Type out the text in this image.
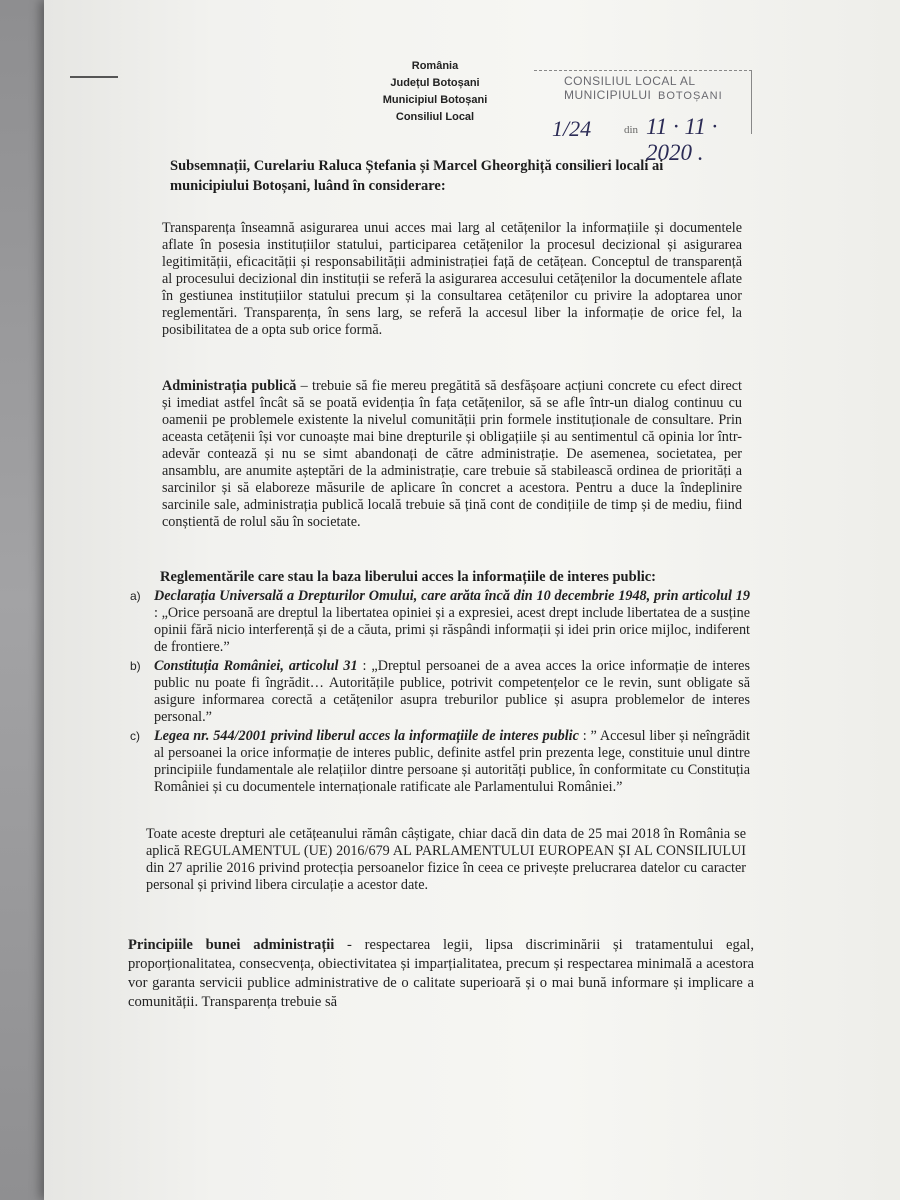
România
Județul Botoșani
Municipiul Botoșani
Consiliul Local
CONSILIUL LOCAL AL MUNICIPIULUI BOTOȘANI
1/24	din 11 · 11 · 2020 .
Subsemnații, Curelariu Raluca Ștefania și Marcel Gheorghiță consilieri locali ai municipiului Botoșani, luând în considerare:
Transparența înseamnă asigurarea unui acces mai larg al cetățenilor la informațiile și documentele aflate în posesia instituțiilor statului, participarea cetățenilor la procesul decizional și asigurarea legitimității, eficacității și responsabilității administrației față de cetățean. Conceptul de transparență al procesului decizional din instituții se referă la asigurarea accesului cetățenilor la documentele aflate în gestiunea instituțiilor statului precum și la consultarea cetățenilor cu privire la adoptarea unor reglementări. Transparența, în sens larg, se referă la accesul liber la informație de orice fel, la posibilitatea de a opta sub orice formă.
Administrația publică – trebuie să fie mereu pregătită să desfășoare acțiuni concrete cu efect direct și imediat astfel încât să se poată evidenția în fața cetățenilor, să se afle într-un dialog continuu cu oamenii pe problemele existente la nivelul comunității prin formele instituționale de consultare. Prin aceasta cetățenii își vor cunoaște mai bine drepturile și obligațiile și au sentimentul că opinia lor într-adevăr contează și nu se simt abandonați de către administrație. De asemenea, societatea, per ansamblu, are anumite așteptări de la administrație, care trebuie să stabilească ordinea de priorități a sarcinilor și să elaboreze măsurile de aplicare în concret a acestora. Pentru a duce la îndeplinire sarcinile sale, administrația publică locală trebuie să țină cont de condițiile de timp și de mediu, fiind conștientă de rolul său în societate.
Reglementările care stau la baza liberului acces la informațiile de interes public:
a) Declarația Universală a Drepturilor Omului, care arăta încă din 10 decembrie 1948, prin articolul 19 : „Orice persoană are dreptul la libertatea opiniei și a expresiei, acest drept include libertatea de a susține opinii fără nicio interferență și de a căuta, primi și răspândi informații și idei prin orice mijloc, indiferent de frontiere.”
b) Constituția României, articolul 31 : „Dreptul persoanei de a avea acces la orice informație de interes public nu poate fi îngrădit… Autoritățile publice, potrivit competențelor ce le revin, sunt obligate să asigure informarea corectă a cetățenilor asupra treburilor publice și asupra problemelor de interes personal.”
c) Legea nr. 544/2001 privind liberul acces la informațiile de interes public : ” Accesul liber și neîngrădit al persoanei la orice informație de interes public, definite astfel prin prezenta lege, constituie unul dintre principiile fundamentale ale relațiilor dintre persoane și autorități publice, în conformitate cu Constituția României și cu documentele internaționale ratificate ale Parlamentului României.”
Toate aceste drepturi ale cetățeanului rămân câștigate, chiar dacă din data de 25 mai 2018 în România se aplică REGULAMENTUL (UE) 2016/679 AL PARLAMENTULUI EUROPEAN ȘI AL CONSILIULUI din 27 aprilie 2016 privind protecția persoanelor fizice în ceea ce privește prelucrarea datelor cu caracter personal și privind libera circulație a acestor date.
Principiile bunei administrații - respectarea legii, lipsa discriminării și tratamentului egal, proporționalitatea, consecvența, obiectivitatea și imparțialitatea, precum și respectarea minimală a acestora vor garanta servicii publice administrative de o calitate superioară și o mai bună informare și implicare a comunității. Transparența trebuie să
